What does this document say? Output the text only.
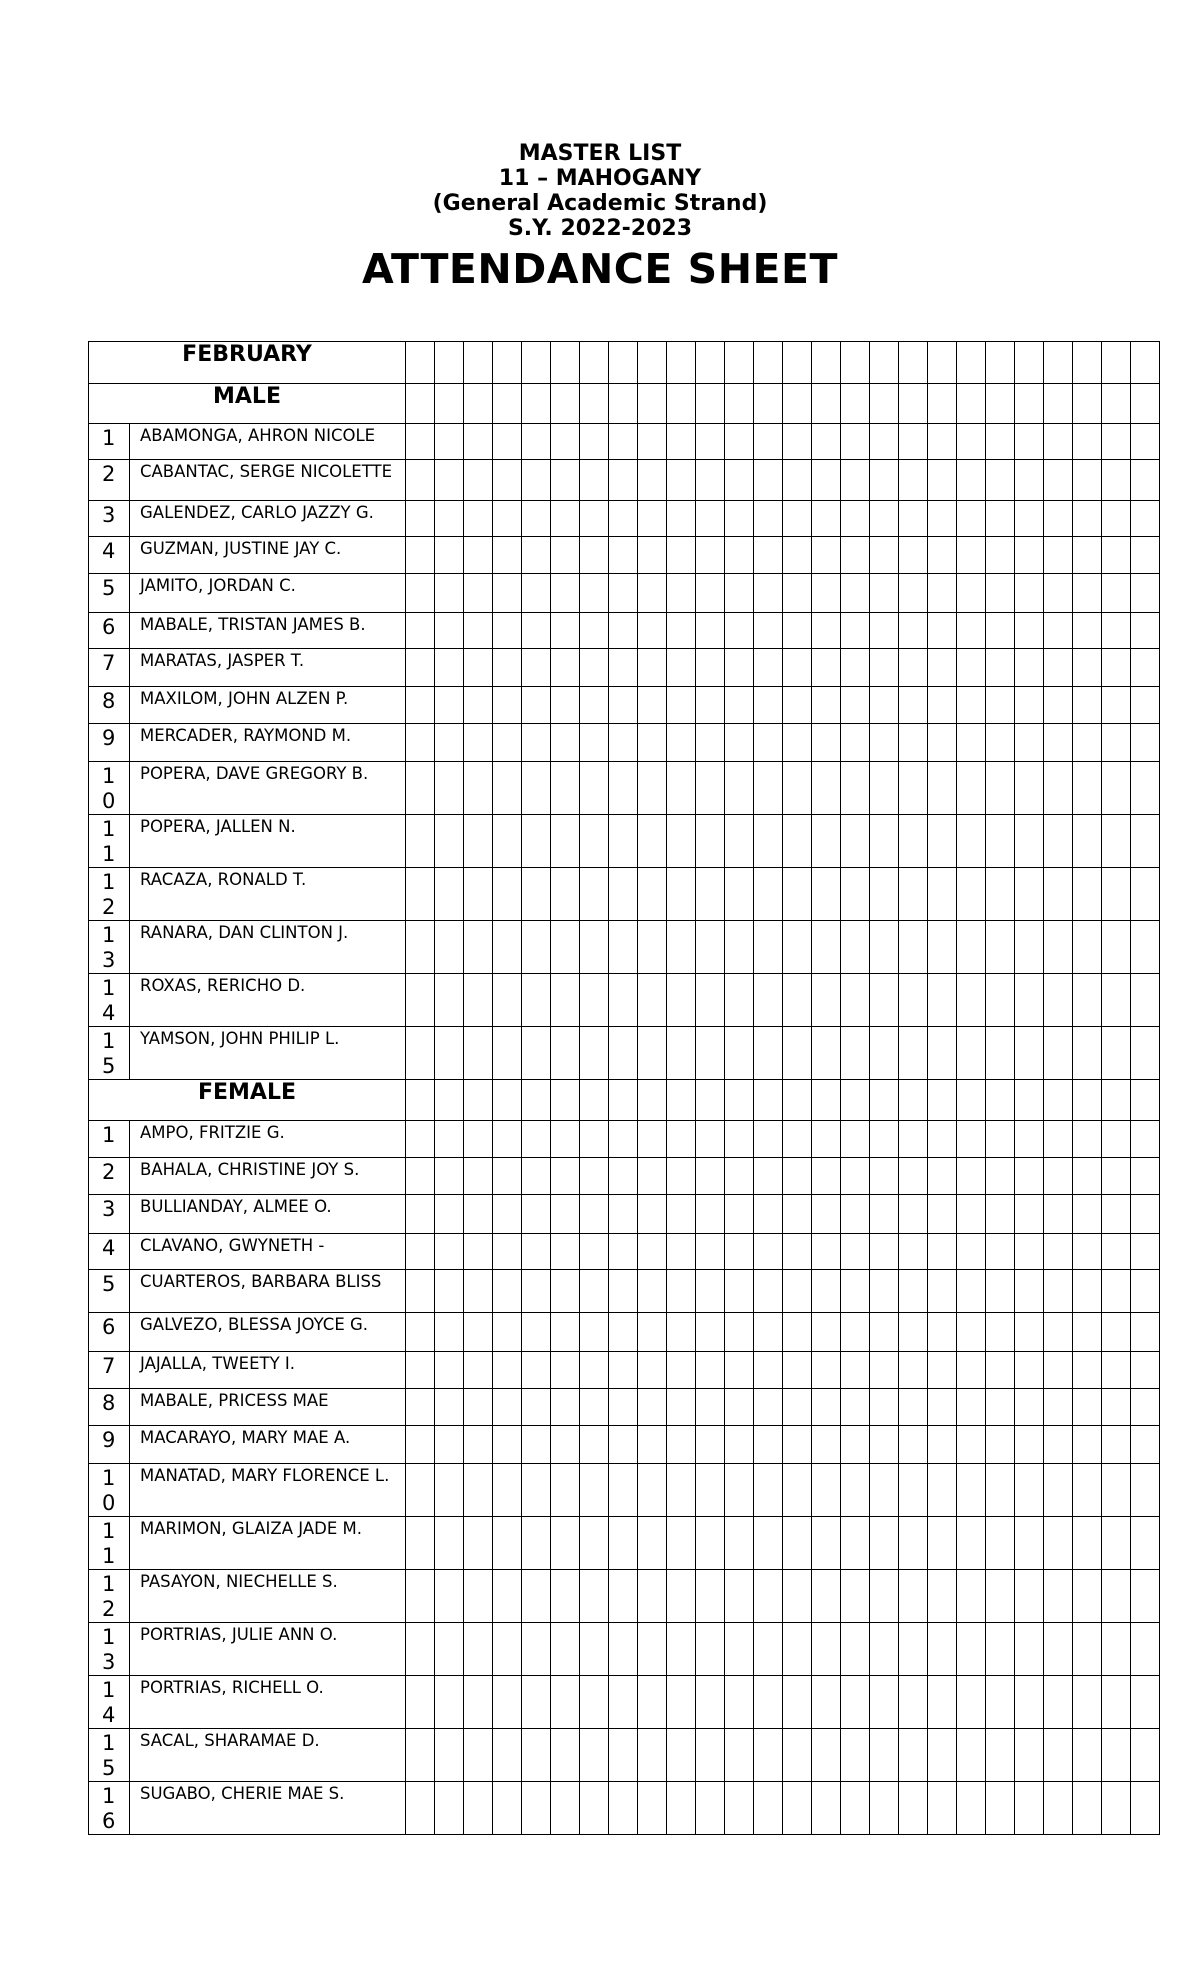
MASTER LIST
11 – MAHOGANY
(General Academic Strand)
S.Y. 2022-2023
ATTENDANCE SHEET
FEBRUARY																											
MALE																											

1	ABAMONGA, AHRON NICOLE																										

2	CABANTAC, SERGE NICOLETTE																										

3	GALENDEZ, CARLO JAZZY G.																										

4	GUZMAN, JUSTINE JAY C.																										

5	JAMITO, JORDAN C.																										

6	MABALE, TRISTAN JAMES B.																										

7	MARATAS, JASPER T.																										

8	MAXILOM, JOHN ALZEN P.																										

9	MERCADER, RAYMOND M.																										

10	POPERA, DAVE GREGORY B.																										

11	POPERA, JALLEN N.																										

12	RACAZA, RONALD T.																										

13	RANARA, DAN CLINTON J.																										

14	ROXAS, RERICHO D.																										

15	YAMSON, JOHN PHILIP L.																										
FEMALE																											

1	AMPO, FRITZIE G.																										

2	BAHALA, CHRISTINE JOY S.																										

3	BULLIANDAY, ALMEE O.																										

4	CLAVANO, GWYNETH -																										

5	CUARTEROS, BARBARA BLISS																										

6	GALVEZO, BLESSA JOYCE G.																										

7	JAJALLA, TWEETY I.																										

8	MABALE, PRICESS MAE																										

9	MACARAYO, MARY MAE A.																										

10	MANATAD, MARY FLORENCE L.																										

11	MARIMON, GLAIZA JADE M.																										

12	PASAYON, NIECHELLE S.																										

13	PORTRIAS, JULIE ANN O.																										

14	PORTRIAS, RICHELL O.																										

15	SACAL, SHARAMAE D.																										

16	SUGABO, CHERIE MAE S.																										
